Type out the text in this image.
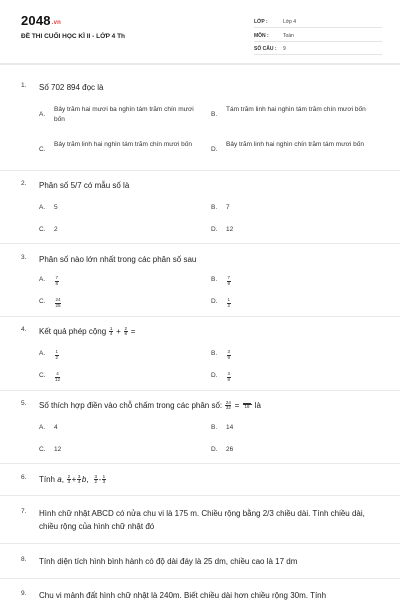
2048.vn
ĐỀ THI CUỐI HỌC KÌ II - LỚP 4 Th
LỚP :	Lớp 4
MÔN :	Toán
SỐ CÂU : 9
1. Số 702 894 đọc là
A.
Bảy trăm hai mươi ba nghìn tám trăm chín mươi bốn
B.
Tám trăm linh hai nghìn tám trăm chín mươi bốn
C.
Bảy trăm linh hai nghìn tám trăm chín mươi bốn
D.
Bảy trăm linh hai nghìn chín trăm tám mươi bốn
2. Phân số 5/7 có mẫu số là
A. 5	B. 7
C. 2	D. 12
3. Phân số nào lớn nhất trong các phân số sau
A. $\frac{7}{8}$	B. $\frac{7}{9}$
C. $\frac{24}{25}$	D. $\frac{1}{2}$
4. Kết quả phép cộng $\frac{1}{4} + \frac{2}{8}$ =
A. $\frac{1}{2}$	B. $\frac{3}{9}$
C. $\frac{4}{12}$	D. $\frac{3}{8}$
5. Số thích hợp điền vào chỗ chấm trong các phân số: $\frac{24}{32} = 16$ là
A. 4	B. 14
C. 12	D. 26
6. Tính a, $\frac{2}{3} + \frac{3}{4} b$, $\frac{3}{2} - \frac{1}{3}$
7. Hình chữ nhật ABCD có nửa chu vi là 175 m. Chiều rộng bằng 2/3 chiều dài. Tính chiều dài, chiều rộng của hình chữ nhật đó
8. Tính diện tích hình bình hành có độ dài đáy là 25 dm, chiều cao là 17 dm
9. Chu vi mảnh đất hình chữ nhật là 240m. Biết chiều dài hơn chiều rộng 30m. Tính
